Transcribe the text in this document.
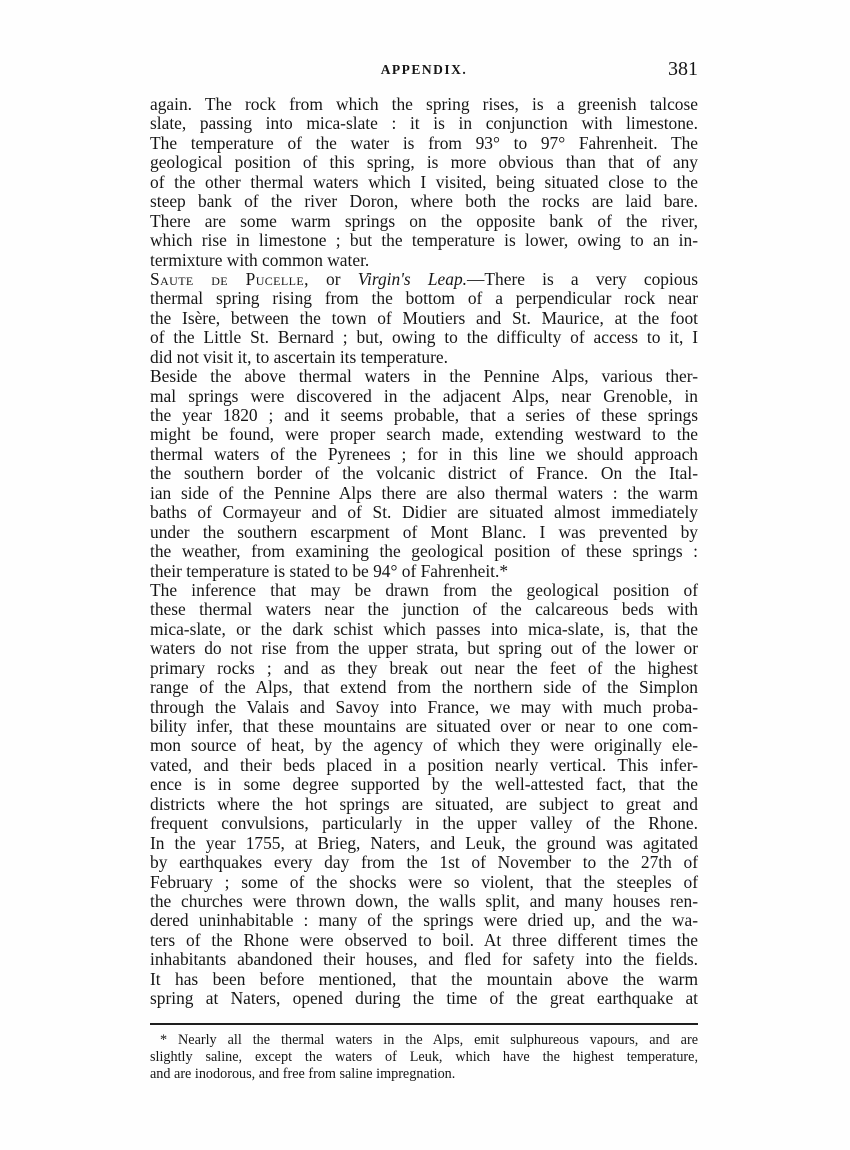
APPENDIX.	381
again. The rock from which the spring rises, is a greenish talcose
slate, passing into mica-slate : it is in conjunction with limestone.
The temperature of the water is from 93° to 97° Fahrenheit. The
geological position of this spring, is more obvious than that of any
of the other thermal waters which I visited, being situated close to the
steep bank of the river Doron, where both the rocks are laid bare.
There are some warm springs on the opposite bank of the river,
which rise in limestone ; but the temperature is lower, owing to an in-
termixture with common water.
Saute de Pucelle, or Virgin's Leap.—There is a very copious
thermal spring rising from the bottom of a perpendicular rock near
the Isère, between the town of Moutiers and St. Maurice, at the foot
of the Little St. Bernard ; but, owing to the difficulty of access to it, I
did not visit it, to ascertain its temperature.
Beside the above thermal waters in the Pennine Alps, various ther-
mal springs were discovered in the adjacent Alps, near Grenoble, in
the year 1820 ; and it seems probable, that a series of these springs
might be found, were proper search made, extending westward to the
thermal waters of the Pyrenees ; for in this line we should approach
the southern border of the volcanic district of France. On the Ital-
ian side of the Pennine Alps there are also thermal waters : the warm
baths of Cormayeur and of St. Didier are situated almost immediately
under the southern escarpment of Mont Blanc. I was prevented by
the weather, from examining the geological position of these springs :
their temperature is stated to be 94° of Fahrenheit.*
The inference that may be drawn from the geological position of
these thermal waters near the junction of the calcareous beds with
mica-slate, or the dark schist which passes into mica-slate, is, that the
waters do not rise from the upper strata, but spring out of the lower or
primary rocks ; and as they break out near the feet of the highest
range of the Alps, that extend from the northern side of the Simplon
through the Valais and Savoy into France, we may with much proba-
bility infer, that these mountains are situated over or near to one com-
mon source of heat, by the agency of which they were originally ele-
vated, and their beds placed in a position nearly vertical. This infer-
ence is in some degree supported by the well-attested fact, that the
districts where the hot springs are situated, are subject to great and
frequent convulsions, particularly in the upper valley of the Rhone.
In the year 1755, at Brieg, Naters, and Leuk, the ground was agitated
by earthquakes every day from the 1st of November to the 27th of
February ; some of the shocks were so violent, that the steeples of
the churches were thrown down, the walls split, and many houses ren-
dered uninhabitable : many of the springs were dried up, and the wa-
ters of the Rhone were observed to boil. At three different times the
inhabitants abandoned their houses, and fled for safety into the fields.
It has been before mentioned, that the mountain above the warm
spring at Naters, opened during the time of the great earthquake at
* Nearly all the thermal waters in the Alps, emit sulphureous vapours, and are
slightly saline, except the waters of Leuk, which have the highest temperature,
and are inodorous, and free from saline impregnation.
